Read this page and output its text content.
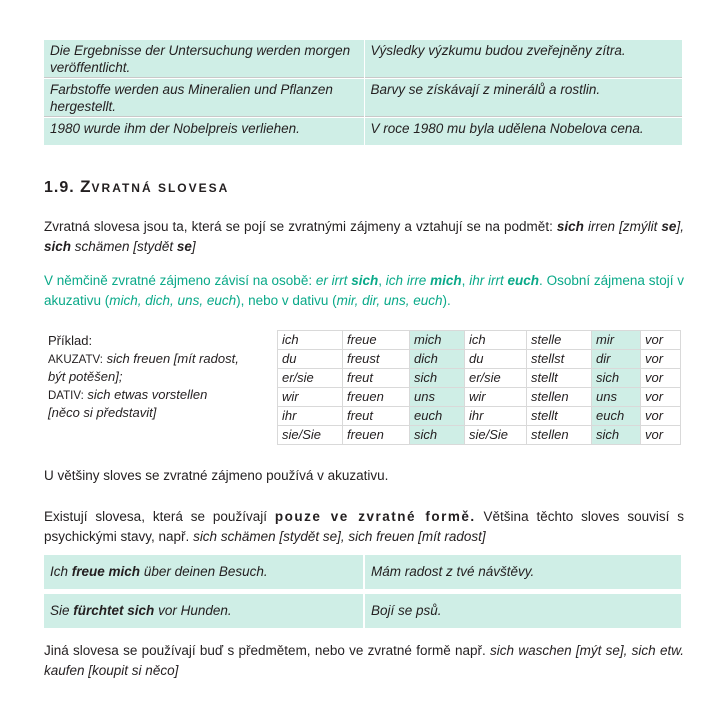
Die Ergebnisse der Untersuchung werden morgen veröffentlicht.	Výsledky výzkumu budou zveřejněny zítra.
Farbstoffe werden aus Mineralien und Pflanzen hergestellt.	Barvy se získávají z minerálů a rostlin.
1980 wurde ihm der Nobelpreis verliehen.	V roce 1980 mu byla udělena Nobelova cena.
1.9. ZVRATNÁ SLOVESA
Zvratná slovesa jsou ta, která se pojí se zvratnými zájmeny a vztahují se na podmět: sich irren [zmýlit se], sich schämen [stydět se]
V němčině zvratné zájmeno závisí na osobě: er irrt sich, ich irre mich, ihr irrt euch. Osobní zájmena stojí v akuzativu (mich, dich, uns, euch), nebo v dativu (mir, dir, uns, euch).
Příklad:
AKUZATV: sich freuen [mít radost,
být potěšen];
DATIV: sich etwas vorstellen
[něco si představit]
ich	freue	mich	ich	stelle	mir	vor
du	freust	dich	du	stellst	dir	vor
er/sie	freut	sich	er/sie	stellt	sich	vor
wir	freuen	uns	wir	stellen	uns	vor
ihr	freut	euch	ihr	stellt	euch	vor
sie/Sie	freuen	sich	sie/Sie	stellen	sich	vor
U většiny sloves se zvratné zájmeno používá v akuzativu.
Existují slovesa, která se používají pouze ve zvratné formě. Většina těchto sloves souvisí s psychickými stavy, např. sich schämen [stydět se], sich freuen [mít radost]
Ich freue mich über deinen Besuch.	Mám radost z tvé návštěvy.
Sie fürchtet sich vor Hunden.	Bojí se psů.
Jiná slovesa se používají buď s předmětem, nebo ve zvratné formě např. sich waschen [mýt se], sich etw. kaufen [koupit si něco]
